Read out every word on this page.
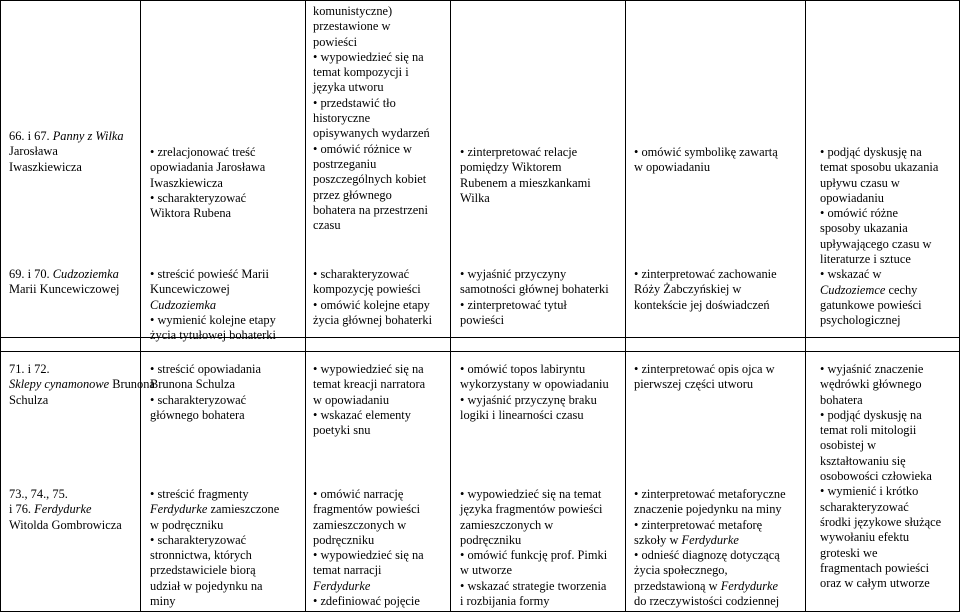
66. i 67. Panny z Wilka

Jarosława Iwaszkiewicza

69. i 70. Cudzoziemka

Marii Kuncewiczowej

• zrelacjonować treść

opowiadania Jarosława

Iwaszkiewicza

• scharakteryzować

Wiktora Rubena

• streścić powieść Marii

Kuncewiczowej

Cudzoziemka

• wymienić kolejne etapy

życia tytułowej bohaterki

komunistyczne)

przestawione w

powieści

• wypowiedzieć się na

temat kompozycji i

języka utworu

• przedstawić tło

historyczne

opisywanych wydarzeń

• omówić różnice w

postrzeganiu

poszczególnych kobiet

przez głównego

bohatera na przestrzeni

czasu

• scharakteryzować

kompozycję powieści

• omówić kolejne etapy

życia głównej bohaterki

• zinterpretować relacje

pomiędzy Wiktorem

Rubenem a mieszkankami

Wilka

• wyjaśnić przyczyny

samotności głównej bohaterki

• zinterpretować tytuł

powieści

• omówić symbolikę zawartą

w opowiadaniu

• zinterpretować zachowanie

Róży Żabczyńskiej w

kontekście jej doświadczeń

• podjąć dyskusję na

temat sposobu ukazania

upływu czasu w

opowiadaniu

• omówić różne

sposoby ukazania

upływającego czasu w

literaturze i sztuce

• wskazać w

Cudzoziemce cechy

gatunkowe powieści

psychologicznej

71. i 72.

Sklepy cynamonowe Brunona

Schulza

73., 74., 75.

i 76. Ferdydurke

Witolda Gombrowicza

• streścić opowiadania

Brunona Schulza

• scharakteryzować

głównego bohatera

• streścić fragmenty

Ferdydurke zamieszczone

w podręczniku

• scharakteryzować

stronnictwa, których

przedstawiciele biorą

udział w pojedynku na

miny

• wypowiedzieć się na

temat kreacji narratora

w opowiadaniu

• wskazać elementy

poetyki snu

• omówić narrację

fragmentów powieści

zamieszczonych w

podręczniku

• wypowiedzieć się na

temat narracji

Ferdydurke

• zdefiniować pojęcie

• omówić topos labiryntu

wykorzystany w opowiadaniu

• wyjaśnić przyczynę braku

logiki i linearności czasu

• wypowiedzieć się na temat

języka fragmentów powieści

zamieszczonych w

podręczniku

• omówić funkcję prof. Pimki

w utworze

• wskazać strategie tworzenia

i rozbijania formy

• zinterpretować opis ojca w

pierwszej części utworu

• zinterpretować metaforyczne

znaczenie pojedynku na miny

• zinterpretować metaforę

szkoły w Ferdydurke

• odnieść diagnozę dotyczącą

życia społecznego,

przedstawioną w Ferdydurke

do rzeczywistości codziennej

• wyjaśnić znaczenie

wędrówki głównego

bohatera

• podjąć dyskusję na

temat roli mitologii

osobistej w

kształtowaniu się

osobowości człowieka

• wymienić i krótko

scharakteryzować

środki językowe służące

wywołaniu efektu

groteski we

fragmentach powieści

oraz w całym utworze
